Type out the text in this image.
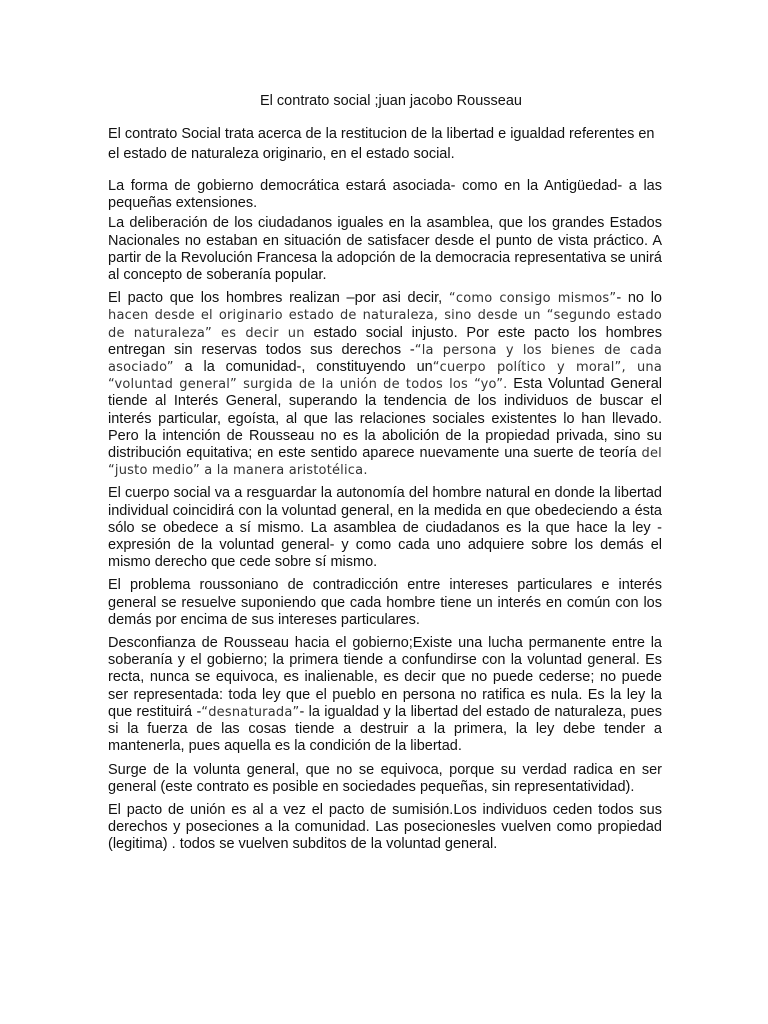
El contrato social ;juan jacobo Rousseau

El contrato Social trata acerca de la restitucion de la libertad e igualdad referentes en el estado de naturaleza originario, en el estado social.

La forma de gobierno democrática estará asociada- como en la Antigüedad- a las pequeñas extensiones.

La deliberación de los ciudadanos iguales en la asamblea, que los grandes Estados Nacionales no estaban en situación de satisfacer desde el punto de vista práctico. A partir de la Revolución Francesa la adopción de la democracia representativa se unirá al concepto de soberanía popular.

El pacto que los hombres realizan –por asi decir, “como consigo mismos”- no lo hacen desde el originario estado de naturaleza, sino desde un “segundo estado de naturaleza” es decir un estado social injusto. Por este pacto los hombres entregan sin reservas todos sus derechos -“la persona y los bienes de cada asociado” a la comunidad-, constituyendo un“cuerpo político y moral”, una “voluntad general” surgida de la unión de todos los “yo”. Esta Voluntad General tiende al Interés General, superando la tendencia de los individuos de buscar el interés particular, egoísta, al que las relaciones sociales existentes lo han llevado. Pero la intención de Rousseau no es la abolición de la propiedad privada, sino su distribución equitativa; en este sentido aparece nuevamente una suerte de teoría del “justo medio” a la manera aristotélica.

El cuerpo social va a resguardar la autonomía del hombre natural en donde la libertad individual coincidirá con la voluntad general, en la medida en que obedeciendo a ésta sólo se obedece a sí mismo. La asamblea de ciudadanos es la que hace la ley -expresión de la voluntad general- y como cada uno adquiere sobre los demás el mismo derecho que cede sobre sí mismo.

El problema roussoniano de contradicción entre intereses particulares e interés general se resuelve suponiendo que cada hombre tiene un interés en común con los demás por encima de sus intereses particulares.

Desconfianza de Rousseau hacia el gobierno;Existe una lucha permanente entre la soberanía y el gobierno; la primera tiende a confundirse con la voluntad general. Es recta, nunca se equivoca, es inalienable, es decir que no puede cederse; no puede ser representada: toda ley que el pueblo en persona no ratifica es nula. Es la ley la que restituirá -“desnaturada”- la igualdad y la libertad del estado de naturaleza, pues si la fuerza de las cosas tiende a destruir a la primera, la ley debe tender a mantenerla, pues aquella es la condición de la libertad.

Surge de la volunta general, que no se equivoca, porque su verdad radica en ser general (este contrato es posible en sociedades pequeñas, sin representatividad).

El pacto de unión es al a vez el pacto de sumisión.Los individuos ceden todos sus derechos y poseciones a la comunidad. Las posecionesles vuelven como propiedad (legitima) . todos se vuelven subditos de la voluntad general.
